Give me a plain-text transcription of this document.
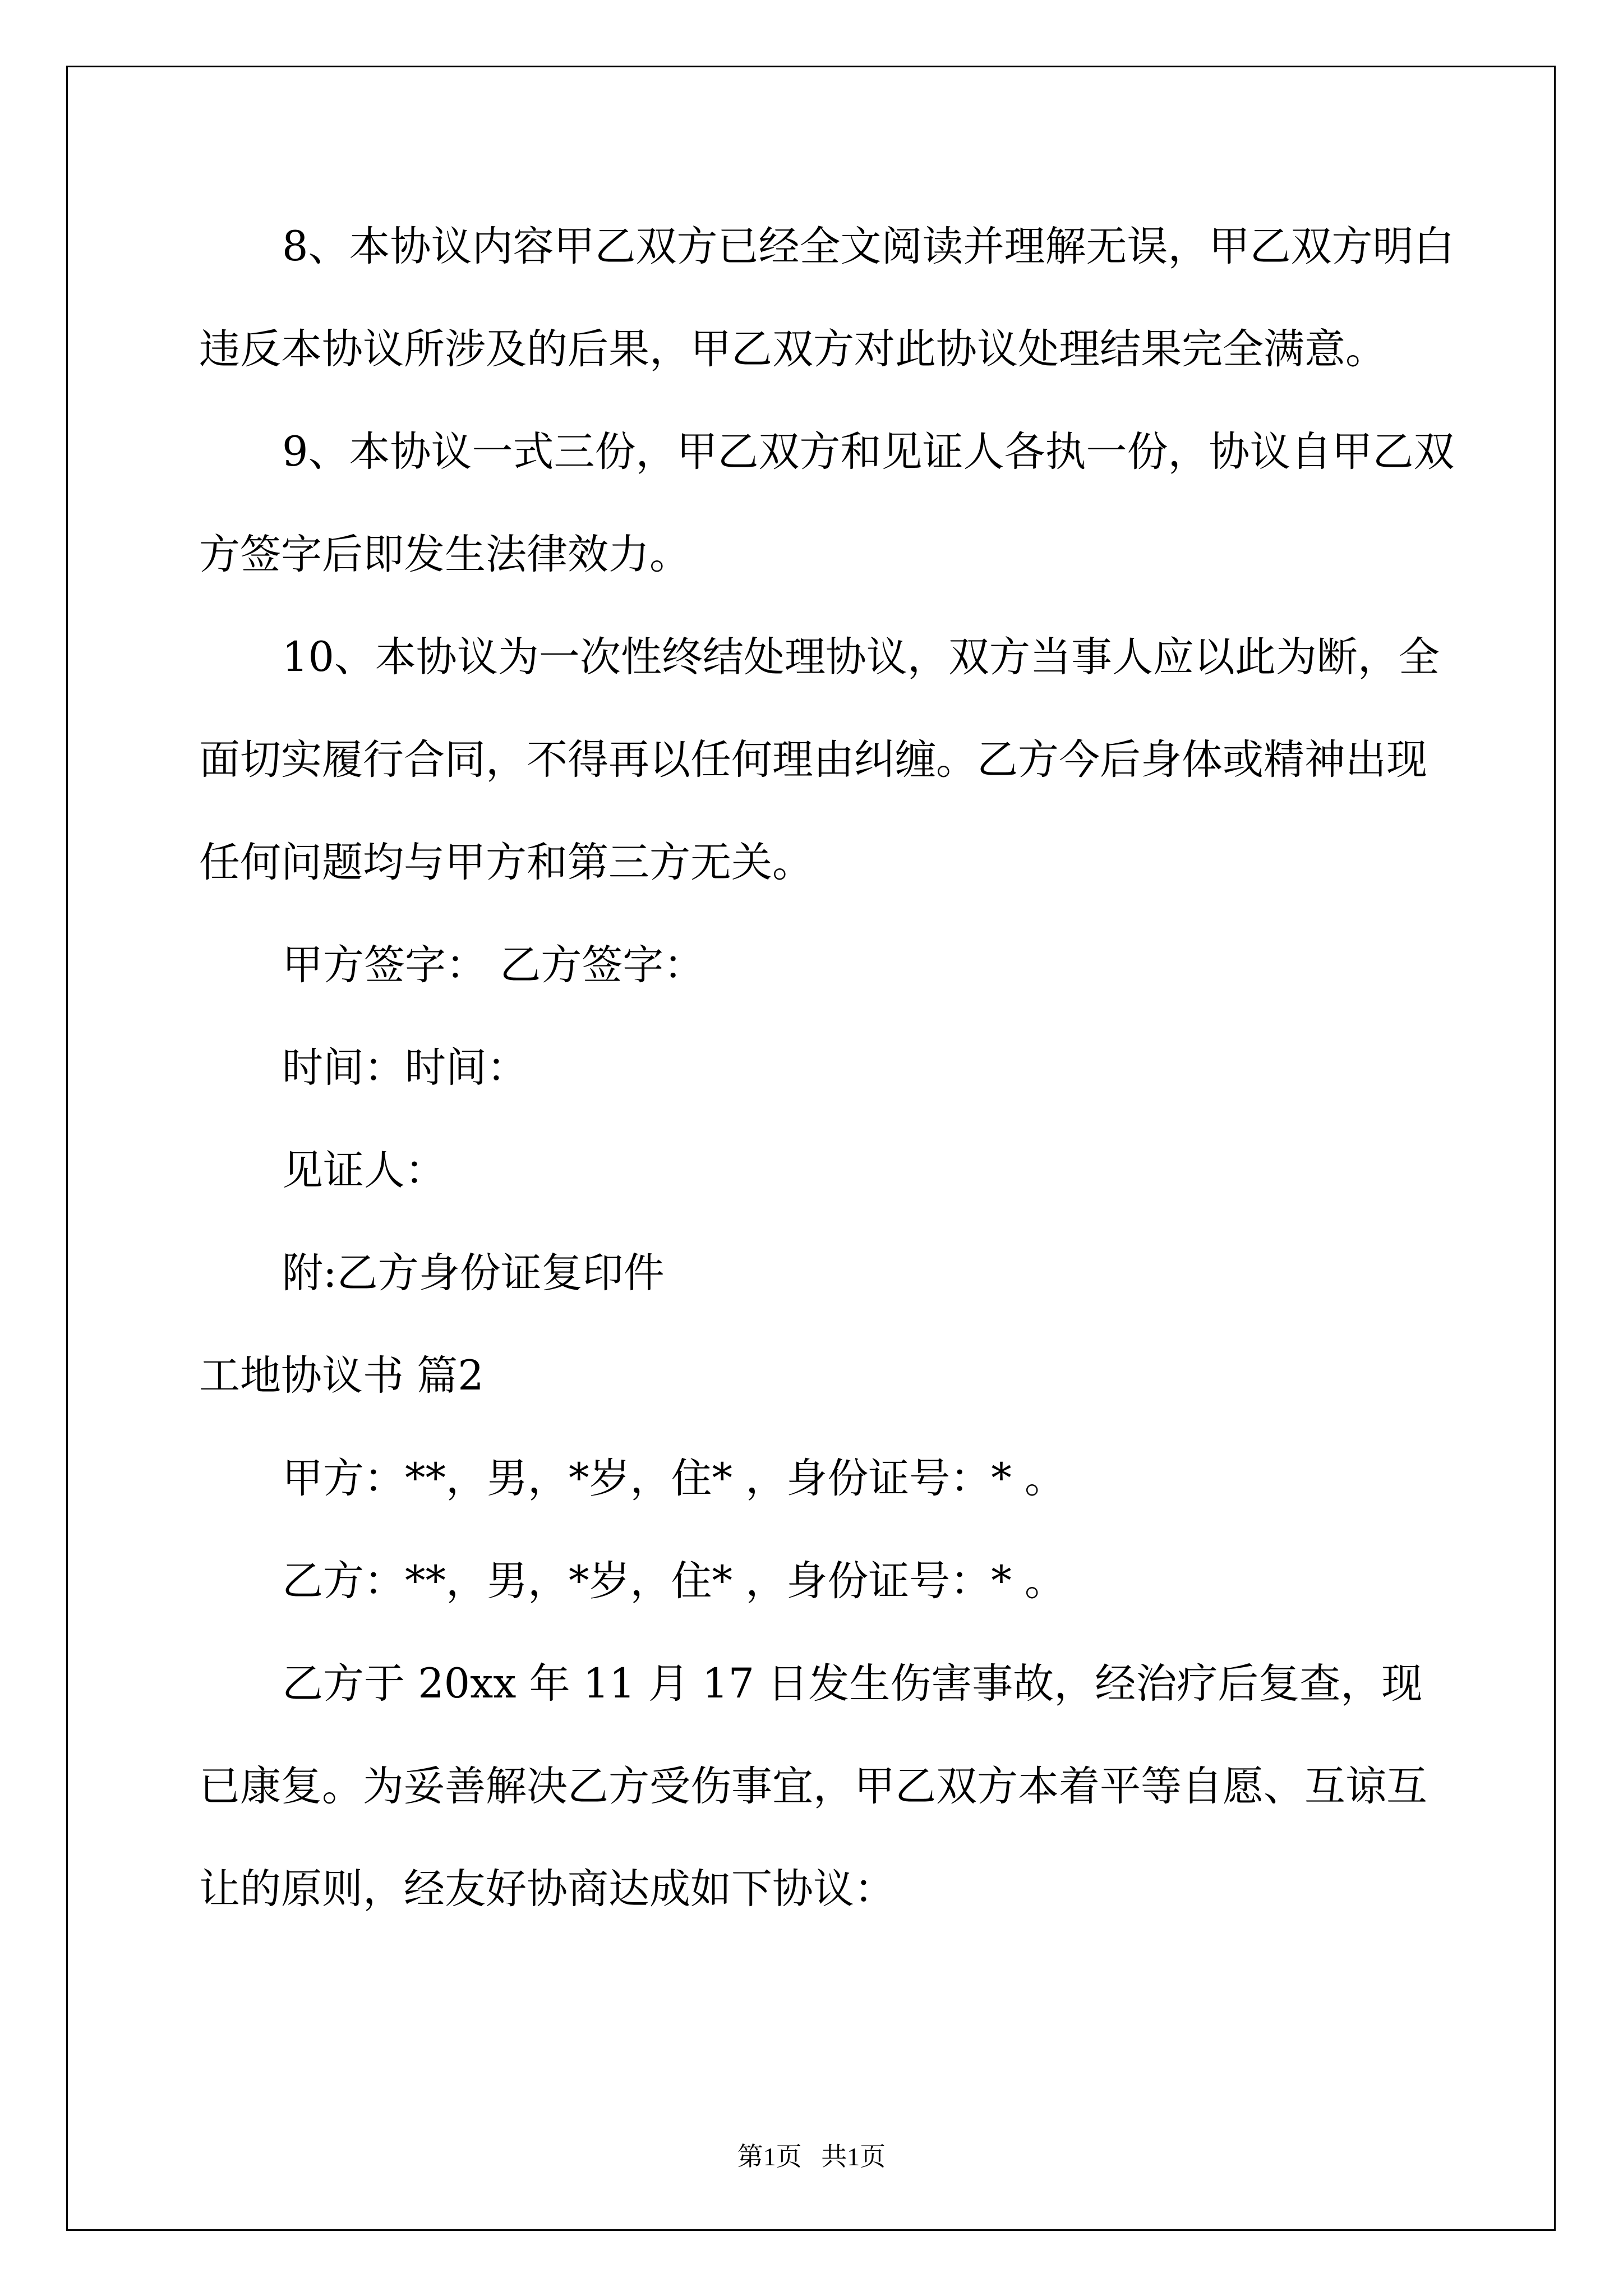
8、本协议内容甲乙双方已经全文阅读并理解无误，甲乙双方明白
违反本协议所涉及的后果，甲乙双方对此协议处理结果完全满意。
9、本协议一式三份，甲乙双方和见证人各执一份，协议自甲乙双
方签字后即发生法律效力。
10、本协议为一次性终结处理协议，双方当事人应以此为断，全
面切实履行合同，不得再以任何理由纠缠。乙方今后身体或精神出现
任何问题均与甲方和第三方无关。
甲方签字： 乙方签字：
时间：时间：
见证人：
附:乙方身份证复印件
工地协议书 篇2
甲方：**，男，*岁，住* ，身份证号：* 。
乙方：**，男，*岁，住* ，身份证号：* 。
乙方于 20xx 年 11 月 17 日发生伤害事故，经治疗后复查，现
已康复。为妥善解决乙方受伤事宜，甲乙双方本着平等自愿、互谅互
让的原则，经友好协商达成如下协议：
第1页   共1页
